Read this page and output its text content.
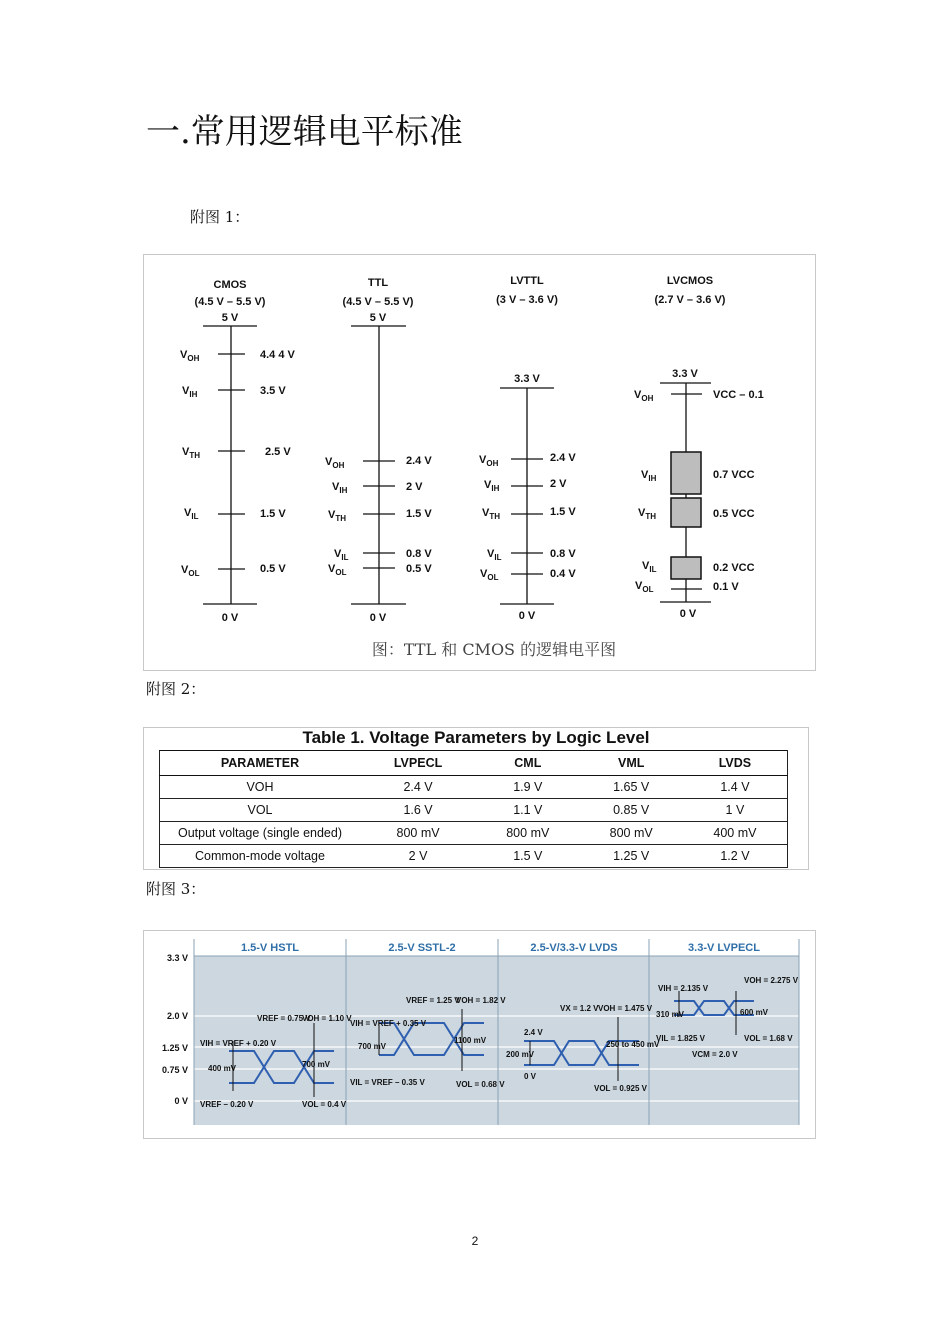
一.常用逻辑电平标准
附图 1：
CMOS
(4.5 V – 5.5 V)
5 V
0 V
TTL
(4.5 V – 5.5 V)
5 V
0 V
LVTTL
(3 V – 3.6 V)
3.3 V
0 V
LVCMOS
(2.7 V – 3.6 V)
3.3 V
0 V
$V_{OH}$
$V_{IH}$
$V_{TH}$
$V_{IL}$
$V_{OL}$
4.4 4 V
3.5 V
2.5 V
1.5 V
0.5 V
$V_{OH}$
$V_{IH}$
$V_{TH}$
$V_{IL}$
$V_{OL}$
2.4 V
2 V
1.5 V
0.8 V
0.5 V
$V_{OH}$
$V_{IH}$
$V_{TH}$
$V_{IL}$
$V_{OL}$
2.4 V
2 V
1.5 V
0.8 V
0.4 V
$V_{OH}$
$V_{IH}$
$V_{TH}$
$V_{IL}$
$V_{OL}$
VCC – 0.1
0.7 VCC
0.5 VCC
0.2 VCC
0.1 V
图：TTL 和 CMOS 的逻辑电平图
附图 2：
Table 1. Voltage Parameters by Logic Level
PARAMETER	LVPECL	CML	VML	LVDS
VOH	2.4 V	1.9 V	1.65 V	1.4 V
VOL	1.6 V	1.1 V	0.85 V	1 V
Output voltage (single ended)	800 mV	800 mV	800 mV	400 mV
Common-mode voltage	2 V	1.5 V	1.25 V	1.2 V
附图 3：
1.5-V HSTL	2.5-V SSTL-2	2.5-V/3.3-V LVDS	3.3-V LVPECL
3.3 V
2.0 V
1.25 V
0.75 V
0 V
VIH = VREF + 0.20 V
VREF = 0.75 V
VOH = 1.10 V
400 mV	700 mV
VREF – 0.20 V	VOL = 0.4 V
VIH = VREF + 0.35 V
VREF = 1.25 V
VOH = 1.82 V
700 mV
1100 mV
VIL = VREF – 0.35 V	VOL = 0.68 V
2.4 V
200 mV
0 V
VX = 1.2 V VOH = 1.475 V
250 to 450 mV
VOL = 0.925 V
VIH = 2.135 V
310 mV
VIL = 1.825 V
VOH = 2.275 V
600 mV
VCM = 2.0 V
VOL = 1.68 V
2
